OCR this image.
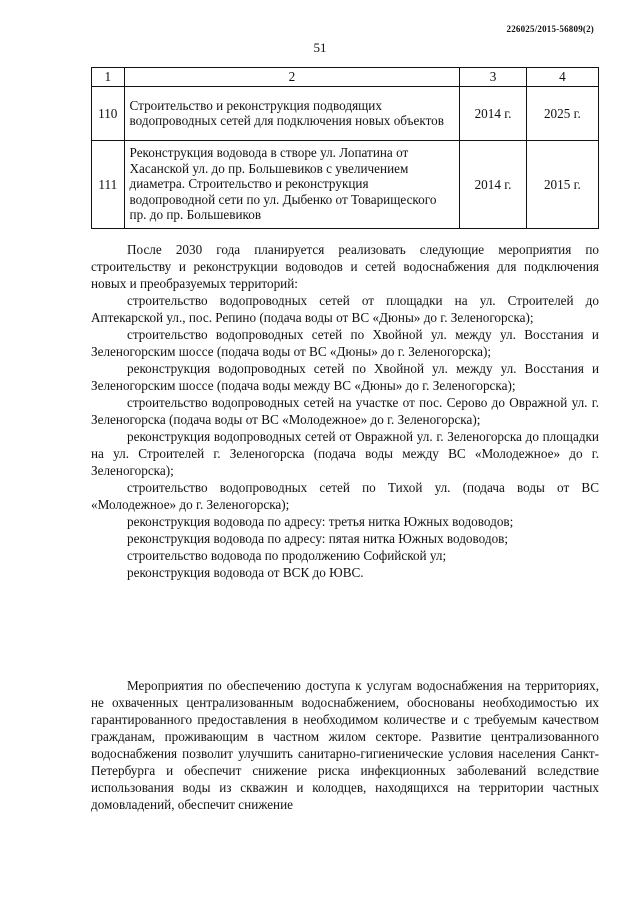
226025/2015-56809(2)
51
1	2	3	4
110	Строительство и реконструкция подводящих водопроводных сетей для подключения новых объектов	2014 г.	2025 г.
111	Реконструкция водовода в створе ул. Лопатина от Хасанской ул. до пр. Большевиков с увеличением диаметра. Строительство и реконструкция водопроводной сети по ул. Дыбенко от Товарищеского пр. до пр. Большевиков	2014 г.	2015 г.

После 2030 года планируется реализовать следующие мероприятия по строительству и реконструкции водоводов и сетей водоснабжения для подключения новых и преобразуемых территорий:

строительство водопроводных сетей от площадки на ул. Строителей до Аптекарской ул., пос. Репино (подача воды от ВС «Дюны» до г. Зеленогорска);

строительство водопроводных сетей по Хвойной ул. между ул. Восстания и Зеленогорским шоссе (подача воды от ВС «Дюны» до г. Зеленогорска);

реконструкция водопроводных сетей по Хвойной ул. между ул. Восстания и Зеленогорским шоссе (подача воды между ВС «Дюны» до г. Зеленогорска);

строительство водопроводных сетей на участке от пос. Серово до Овражной ул. г. Зеленогорска (подача воды от ВС «Молодежное» до г. Зеленогорска);

реконструкция водопроводных сетей от Овражной ул. г. Зеленогорска до площадки на ул. Строителей г. Зеленогорска (подача воды между ВС «Молодежное» до г. Зеленогорска);

строительство водопроводных сетей по Тихой ул. (подача воды от ВС «Молодежное» до г. Зеленогорска);

реконструкция водовода по адресу: третья нитка Южных водоводов;

реконструкция водовода по адресу: пятая нитка Южных водоводов;

строительство водовода по продолжению Софийской ул;

реконструкция водовода от ВСК до ЮВС.

Мероприятия по обеспечению доступа к услугам водоснабжения на территориях, не охваченных централизованным водоснабжением, обоснованы необходимостью их гарантированного предоставления в необходимом количестве и с требуемым качеством гражданам, проживающим в частном жилом секторе. Развитие централизованного водоснабжения позволит улучшить санитарно-гигиенические условия населения Санкт-Петербурга и обеспечит снижение риска инфекционных заболеваний вследствие использования воды из скважин и колодцев, находящихся на территории частных домовладений, обеспечит снижение
